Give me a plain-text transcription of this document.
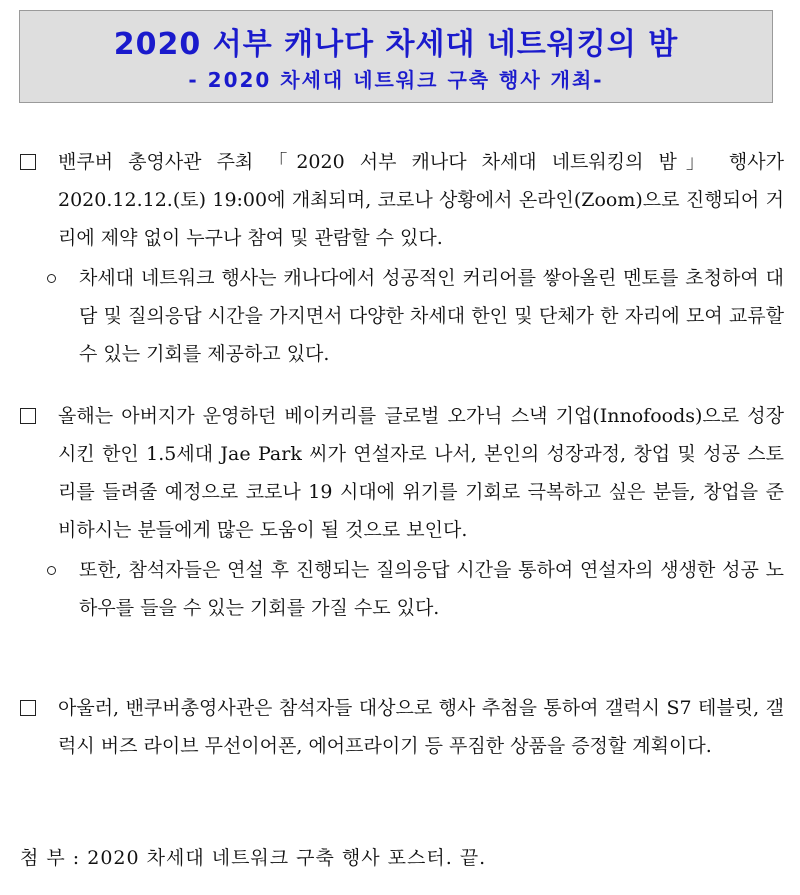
2020 서부 캐나다 차세대 네트워킹의 밤
- 2020 차세대 네트워크 구축 행사 개최-
밴쿠버 총영사관 주최 「2020 서부 캐나다 차세대 네트워킹의 밤」 행사가 2020.12.12.(토) 19:00에 개최되며, 코로나 상황에서 온라인(Zoom)으로 진행되어 거리에 제약 없이 누구나 참여 및 관람할 수 있다.
차세대 네트워크 행사는 캐나다에서 성공적인 커리어를 쌓아올린 멘토를 초청하여 대담 및 질의응답 시간을 가지면서 다양한 차세대 한인 및 단체가 한 자리에 모여 교류할 수 있는 기회를 제공하고 있다.
올해는 아버지가 운영하던 베이커리를 글로벌 오가닉 스낵 기업(Innofoods)으로 성장시킨 한인 1.5세대 Jae Park 씨가 연설자로 나서, 본인의 성장과정, 창업 및 성공 스토리를 들려줄 예정으로 코로나 19 시대에 위기를 기회로 극복하고 싶은 분들, 창업을 준비하시는 분들에게 많은 도움이 될 것으로 보인다.
또한, 참석자들은 연설 후 진행되는 질의응답 시간을 통하여 연설자의 생생한 성공 노하우를 들을 수 있는 기회를 가질 수도 있다.
아울러, 밴쿠버총영사관은 참석자들 대상으로 행사 추첨을 통하여 갤럭시 S7 테블릿, 갤럭시 버즈 라이브 무선이어폰, 에어프라이기 등 푸짐한 상품을 증정할 계획이다.
첨 부 : 2020 차세대 네트워크 구축 행사 포스터. 끝.
